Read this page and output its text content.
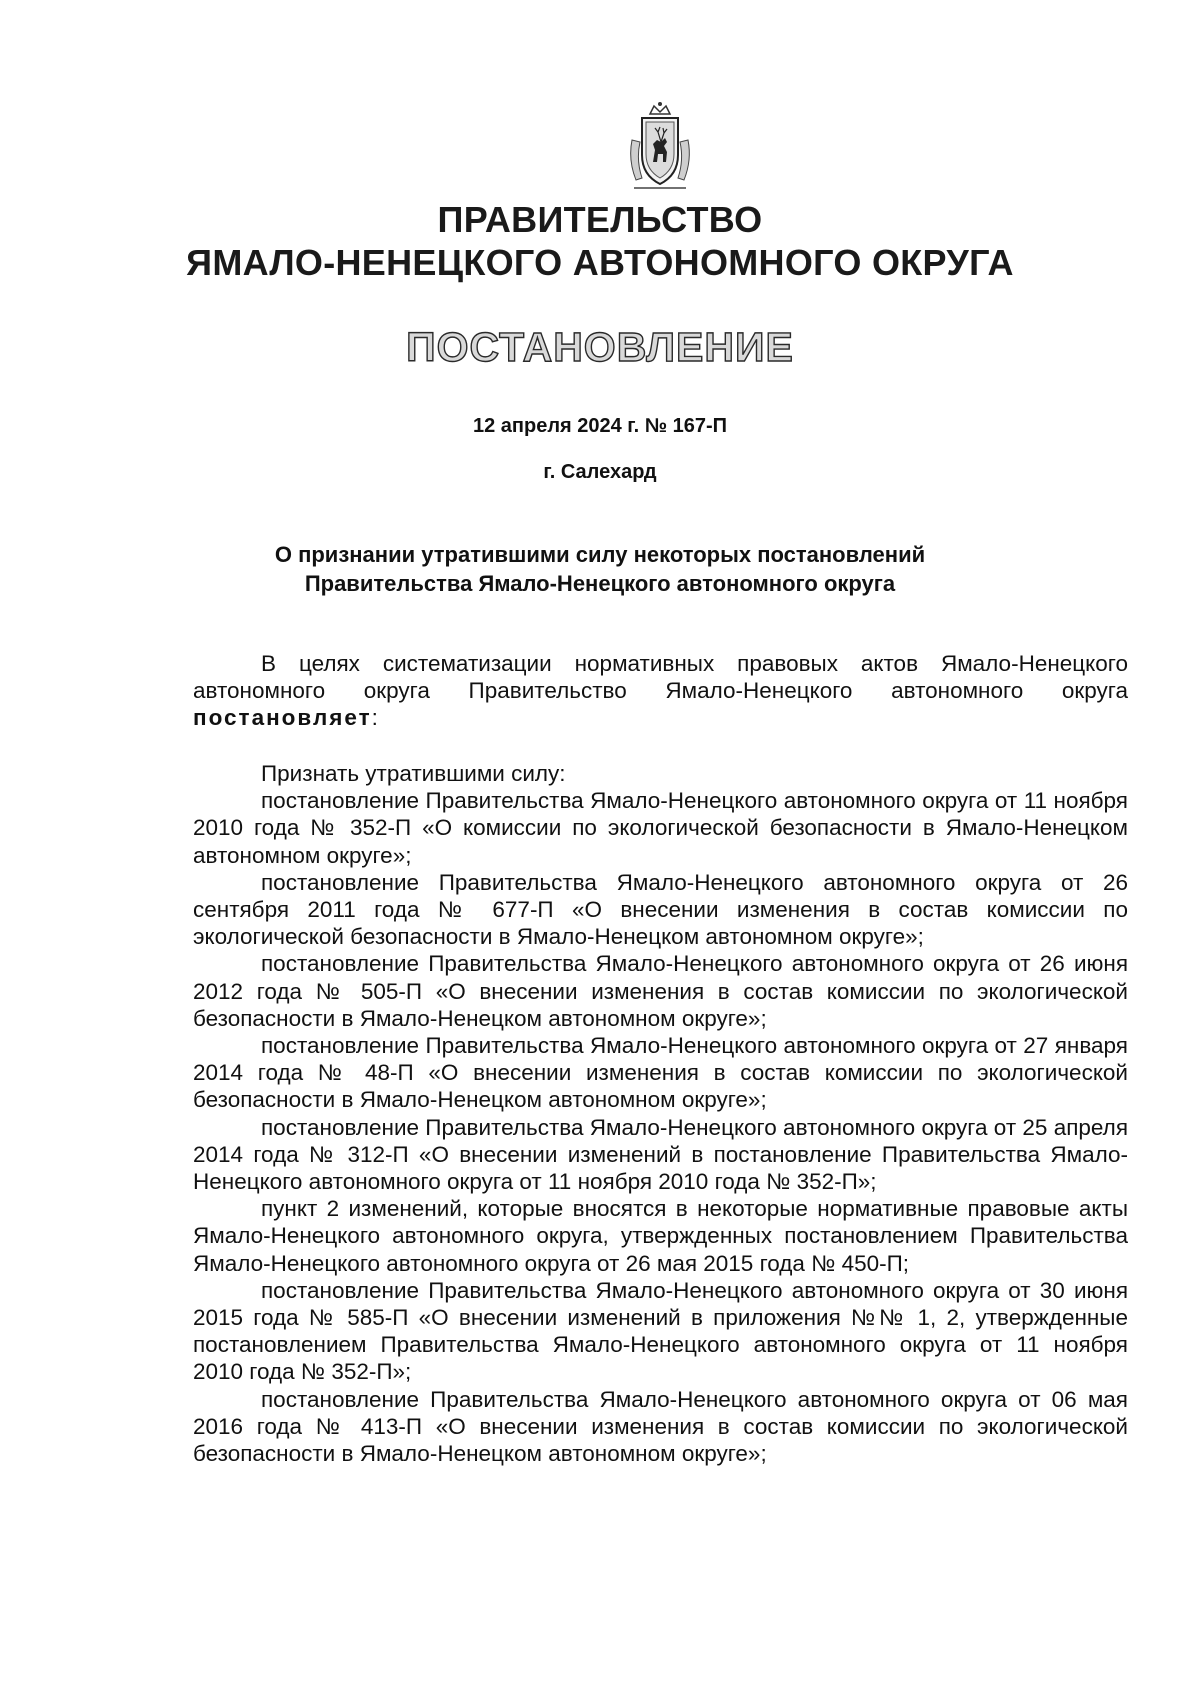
ПРАВИТЕЛЬСТВО
ЯМАЛО-НЕНЕЦКОГО АВТОНОМНОГО ОКРУГА
ПОСТАНОВЛЕНИЕ
12 апреля 2024 г. № 167-П
г. Салехард
О признании утратившими силу некоторых постановлений
Правительства Ямало-Ненецкого автономного округа

В целях систематизации нормативных правовых актов Ямало-Ненецкого автономного округа Правительство Ямало-Ненецкого автономного округа постановляет:

Признать утратившими силу:

постановление Правительства Ямало-Ненецкого автономного округа от 11 ноября 2010 года № 352-П «О комиссии по экологической безопасности в Ямало-Ненецком автономном округе»;

постановление Правительства Ямало-Ненецкого автономного округа от 26 сентября 2011 года № 677-П «О внесении изменения в состав комиссии по экологической безопасности в Ямало-Ненецком автономном округе»;

постановление Правительства Ямало-Ненецкого автономного округа от 26 июня 2012 года № 505-П «О внесении изменения в состав комиссии по экологической безопасности в Ямало-Ненецком автономном округе»;

постановление Правительства Ямало-Ненецкого автономного округа от 27 января 2014 года № 48-П «О внесении изменения в состав комиссии по экологической безопасности в Ямало-Ненецком автономном округе»;

постановление Правительства Ямало-Ненецкого автономного округа от 25 апреля 2014 года № 312-П «О внесении изменений в постановление Правительства Ямало-Ненецкого автономного округа от 11 ноября 2010 года № 352-П»;

пункт 2 изменений, которые вносятся в некоторые нормативные правовые акты Ямало-Ненецкого автономного округа, утвержденных постановлением Правительства Ямало-Ненецкого автономного округа от 26 мая 2015 года № 450-П;

постановление Правительства Ямало-Ненецкого автономного округа от 30 июня 2015 года № 585-П «О внесении изменений в приложения №№ 1, 2, утвержденные постановлением Правительства Ямало-Ненецкого автономного округа от 11 ноября 2010 года № 352-П»;

постановление Правительства Ямало-Ненецкого автономного округа от 06 мая 2016 года № 413-П «О внесении изменения в состав комиссии по экологической безопасности в Ямало-Ненецком автономном округе»;
